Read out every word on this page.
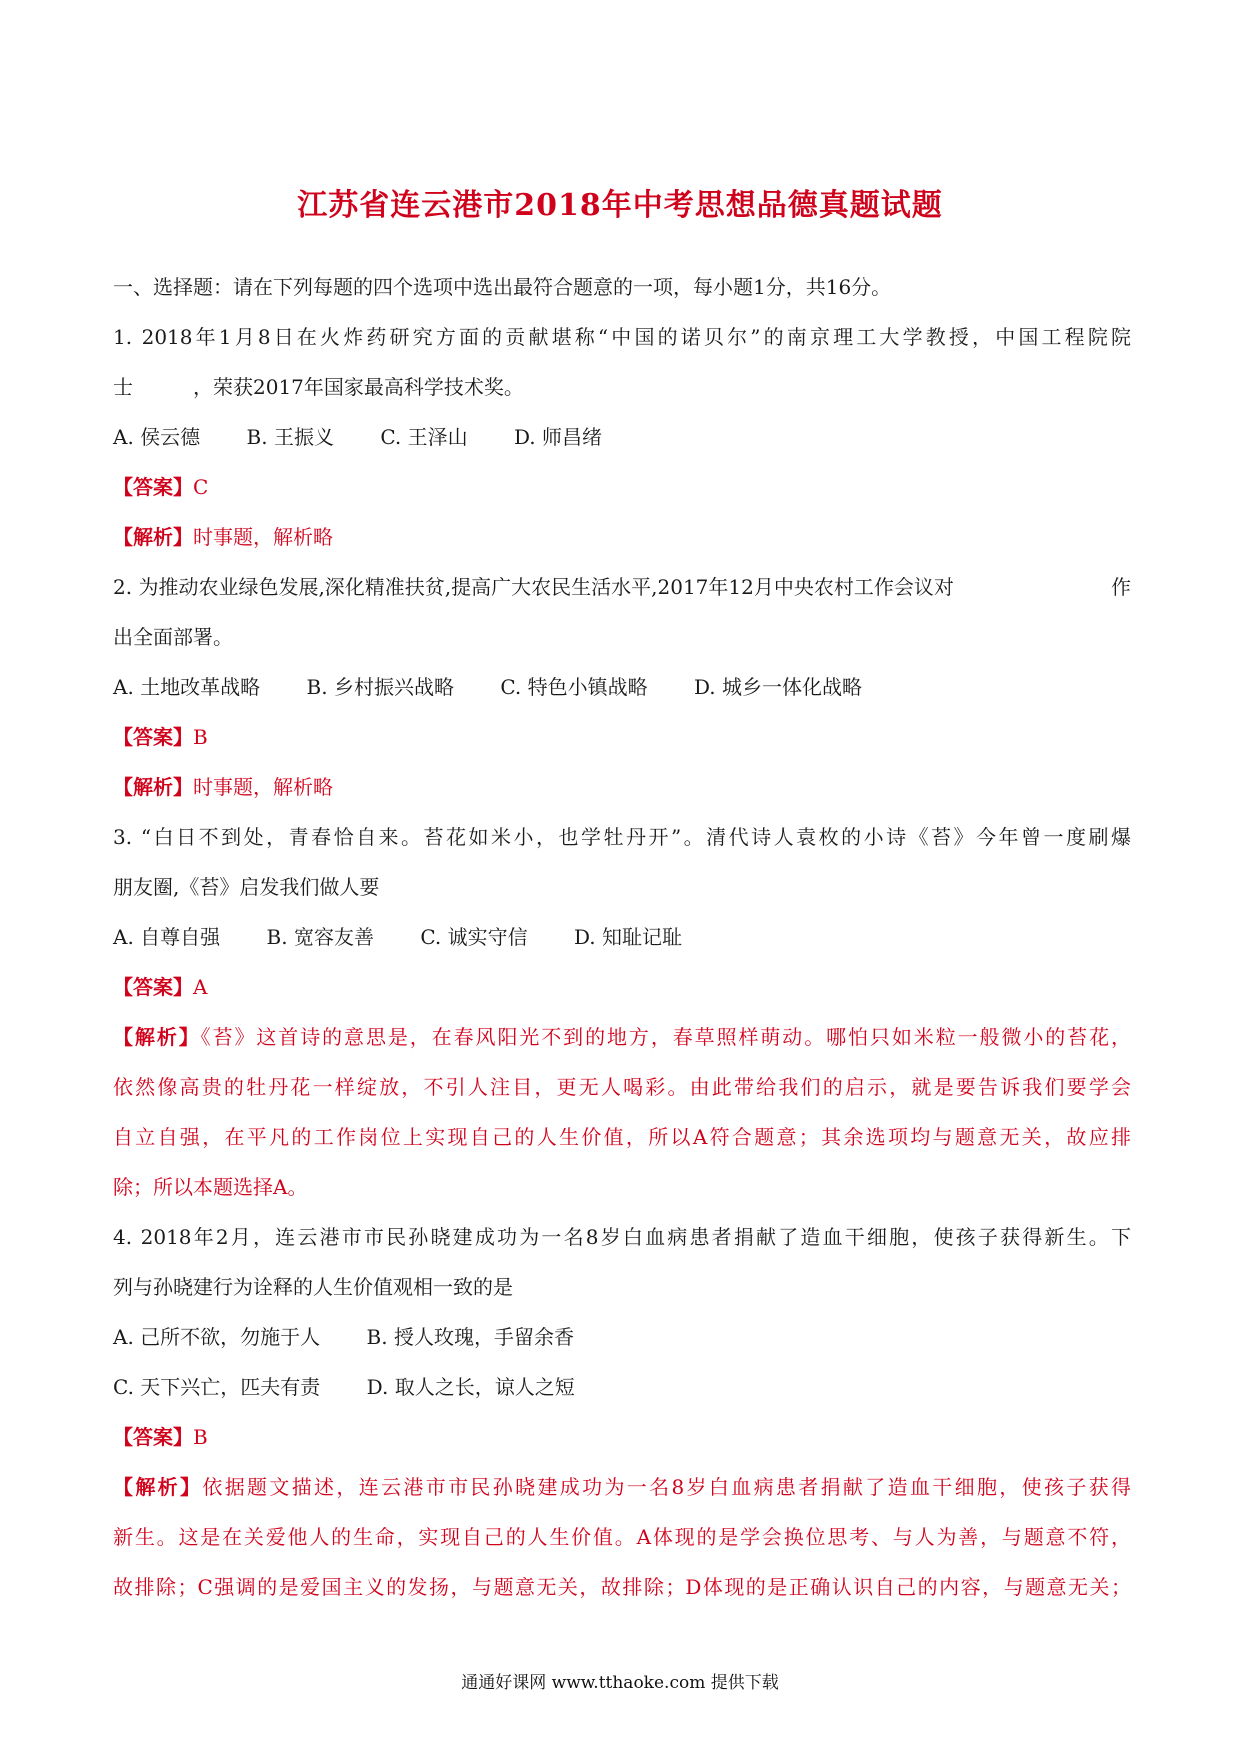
江苏省连云港市2018年中考思想品德真题试题
一、选择题：请在下列每题的四个选项中选出最符合题意的一项，每小题1分，共16分。
1. 2018年1月8日在火炸药研究方面的贡献堪称“中国的诺贝尔”的南京理工大学教授，中国工程院院
士	，荣获2017年国家最高科学技术奖。
A. 侯云德 B. 王振义 C. 王泽山 D. 师昌绪
【答案】C
【解析】时事题，解析略
2. 为推动农业绿色发展,深化精准扶贫,提高广大农民生活水平,2017年12月中央农村工作会议对	作
出全面部署。
A. 土地改革战略 B. 乡村振兴战略 C. 特色小镇战略 D. 城乡一体化战略
【答案】B
【解析】时事题，解析略
3. “白日不到处，青春恰自来。苔花如米小，也学牡丹开”。清代诗人袁枚的小诗《苔》今年曾一度刷爆
朋友圈,《苔》启发我们做人要
A. 自尊自强 B. 宽容友善 C. 诚实守信 D. 知耻记耻
【答案】A
【解析】《苔》这首诗的意思是，在春风阳光不到的地方，春草照样萌动。哪怕只如米粒一般微小的苔花，
依然像高贵的牡丹花一样绽放，不引人注目，更无人喝彩。由此带给我们的启示，就是要告诉我们要学会
自立自强，在平凡的工作岗位上实现自己的人生价值，所以A符合题意；其余选项均与题意无关，故应排
除；所以本题选择A。
4. 2018年2月，连云港市市民孙晓建成功为一名8岁白血病患者捐献了造血干细胞，使孩子获得新生。下
列与孙晓建行为诠释的人生价值观相一致的是
A. 己所不欲，勿施于人 B. 授人玫瑰，手留余香
C. 天下兴亡，匹夫有责 D. 取人之长，谅人之短
【答案】B
【解析】依据题文描述，连云港市市民孙晓建成功为一名8岁白血病患者捐献了造血干细胞，使孩子获得
新生。这是在关爱他人的生命，实现自己的人生价值。A体现的是学会换位思考、与人为善，与题意不符，
故排除；C强调的是爱国主义的发扬，与题意无关，故排除；D体现的是正确认识自己的内容，与题意无关；
通通好课网 www.tthaoke.com 提供下载
